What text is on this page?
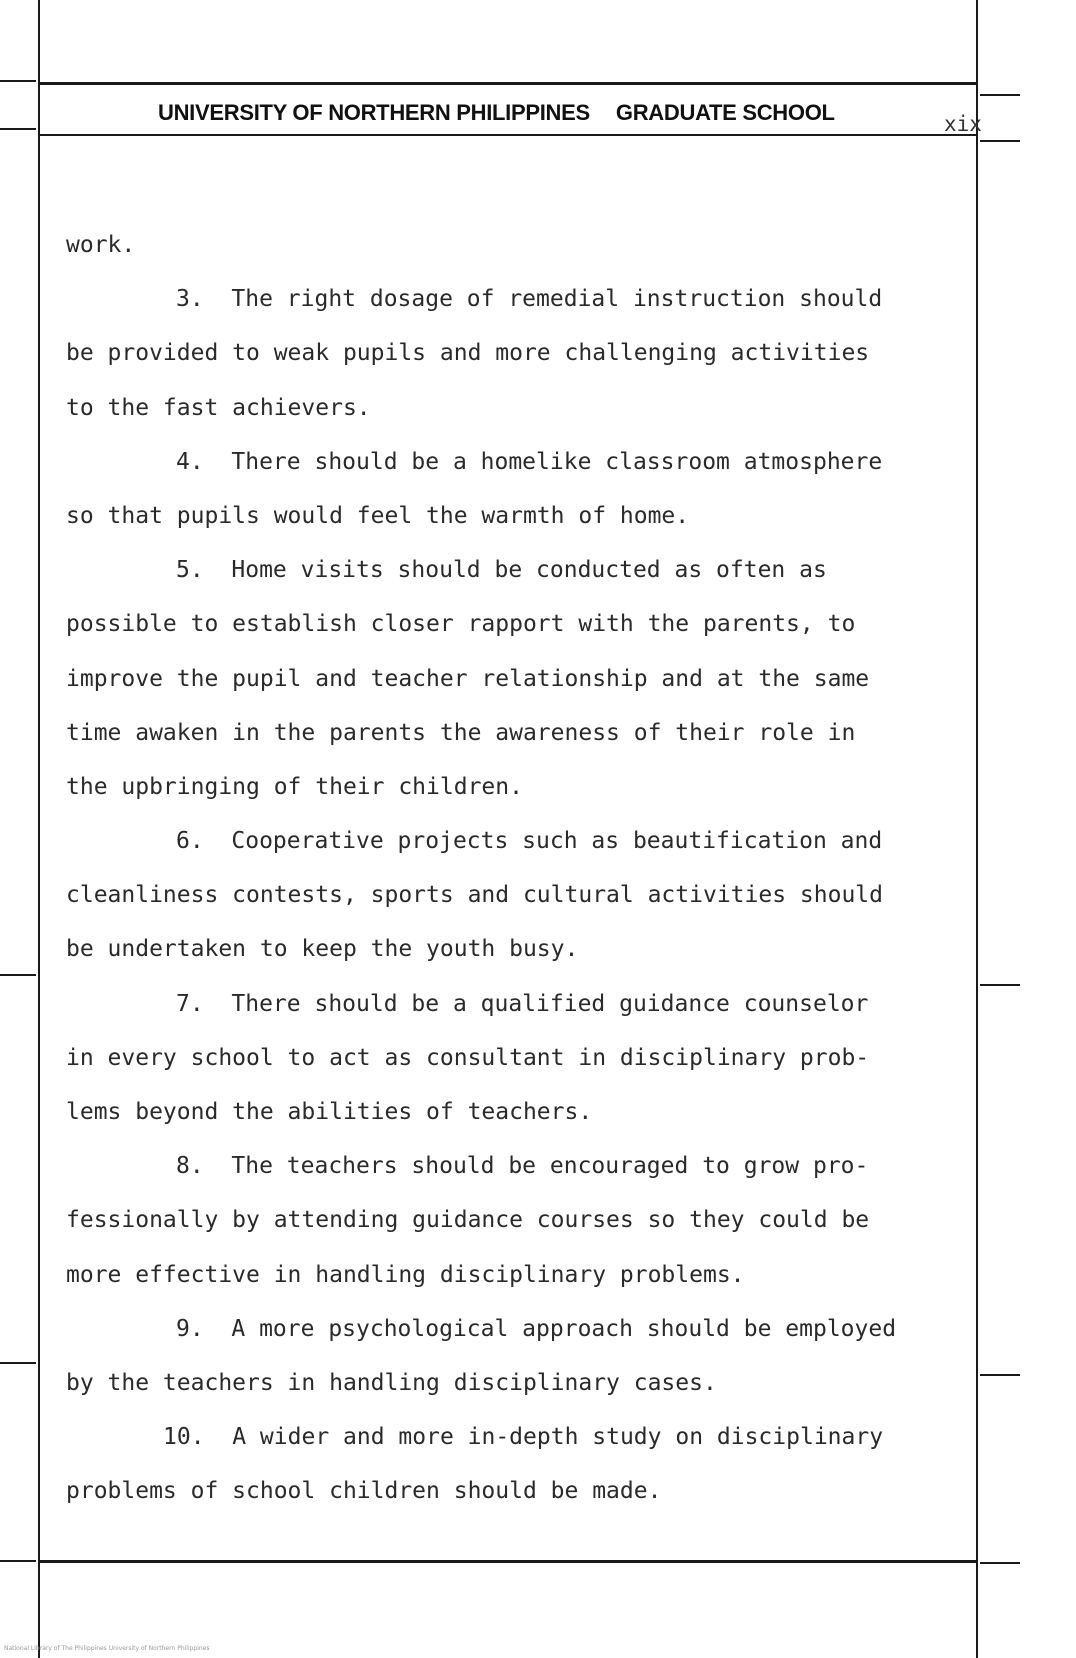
UNIVERSITY OF NORTHERN PHILIPPINES GRADUATE SCHOOL	xix
work.
3.  The right dosage of remedial instruction should
be provided to weak pupils and more challenging activities
to the fast achievers.
4.  There should be a homelike classroom atmosphere
so that pupils would feel the warmth of home.
5.  Home visits should be conducted as often as
possible to establish closer rapport with the parents, to
improve the pupil and teacher relationship and at the same
time awaken in the parents the awareness of their role in
the upbringing of their children.
6.  Cooperative projects such as beautification and
cleanliness contests, sports and cultural activities should
be undertaken to keep the youth busy.
7.  There should be a qualified guidance counselor
in every school to act as consultant in disciplinary prob-
lems beyond the abilities of teachers.
8.  The teachers should be encouraged to grow pro-
fessionally by attending guidance courses so they could be
more effective in handling disciplinary problems.
9.  A more psychological approach should be employed
by the teachers in handling disciplinary cases.
10.  A wider and more in-depth study on disciplinary
problems of school children should be made.
National Library of The Philippines University of Northern Philippines
